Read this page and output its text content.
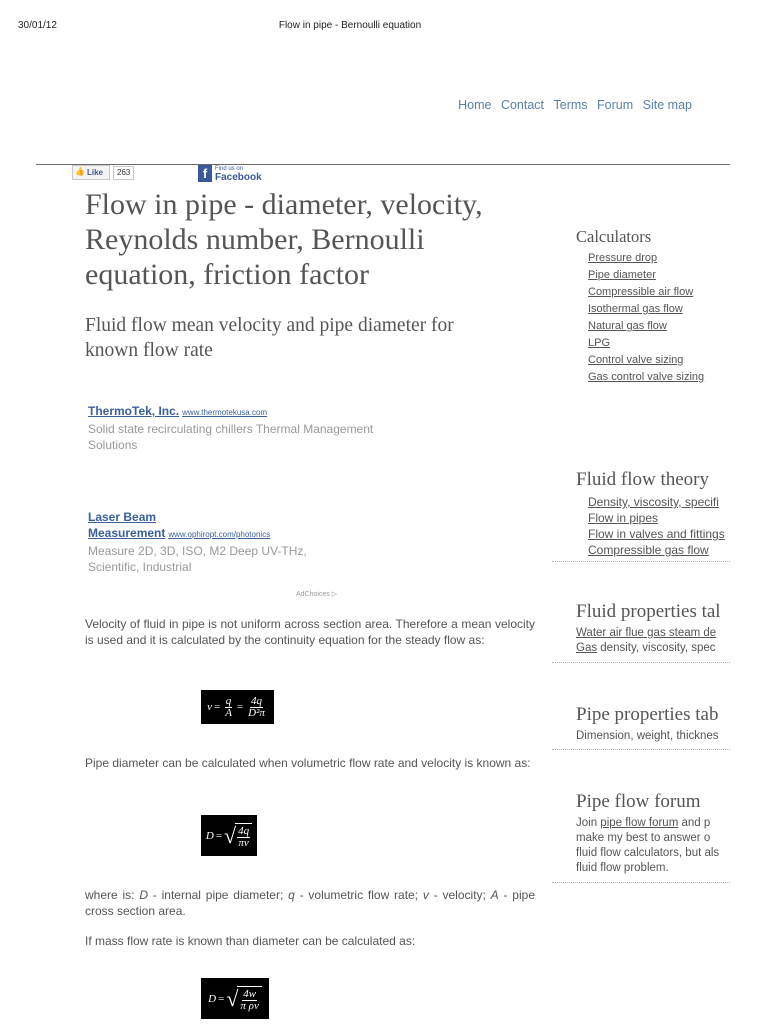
30/01/12	Flow in pipe - Bernoulli equation
Home Contact Terms Forum Site map
👍 Like	263	f	Find us on
Facebook
Flow in pipe - diameter, velocity, Reynolds number, Bernoulli equation, friction factor
Fluid flow mean velocity and pipe diameter for known flow rate
ThermoTek, Inc. www.thermotekusa.com
Solid state recirculating chillers Thermal Management Solutions
Laser Beam Measurement www.ophiropt.com/photonics
Measure 2D, 3D, ISO, M2 Deep UV-THz, Scientific, Industrial
AdChoices ▷
Velocity of fluid in pipe is not uniform across section area. Therefore a mean velocity is used and it is calculated by the continuity equation for the steady flow as:
$v = \frac{q}{A} = \frac{4q}{\text{D²π}}$
Pipe diameter can be calculated when volumetric flow rate and velocity is known as:
D = √ $\frac{4q}{\pi v}$
where is: D - internal pipe diameter; q - volumetric flow rate; v - velocity; A - pipe cross section area.
If mass flow rate is known than diameter can be calculated as:
D = √ $\frac{4w}{\text{π ρv}}$
Calculators
Pressure drop
Pipe diameter
Compressible air flow
Isothermal gas flow
Natural gas flow
LPG
Control valve sizing
Gas control valve sizing
Fluid flow theory
Density, viscosity, specifi
Flow in pipes
Flow in valves and fittings
Compressible gas flow
Fluid properties tal
Water air flue gas steam de
Gas density, viscosity, spec
Pipe properties tab
Dimension, weight, thicknes
Pipe flow forum
Join pipe flow forum and p
make my best to answer o
fluid flow calculators, but als
fluid flow problem.
